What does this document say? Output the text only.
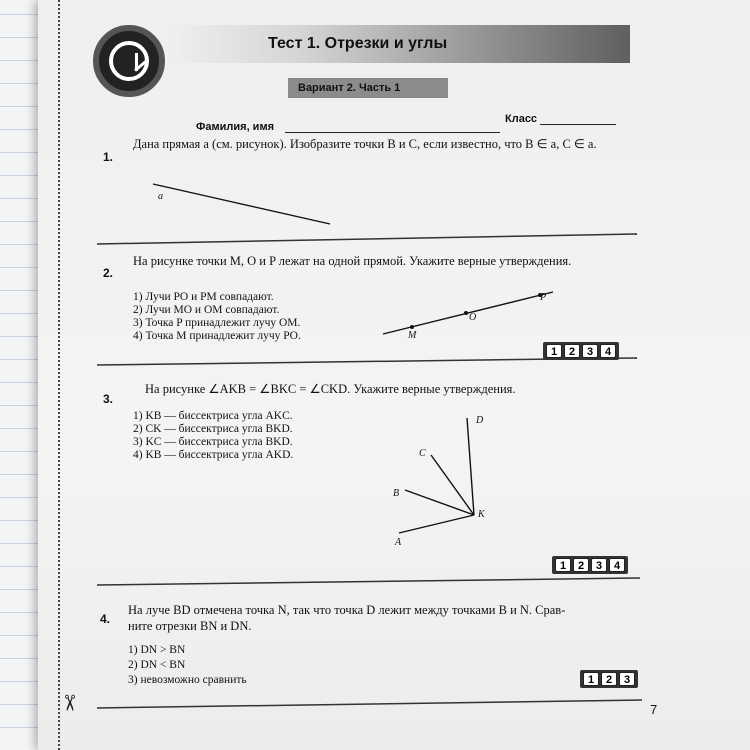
Тест 1. Отрезки и углы
Вариант 2. Часть 1
Фамилия, имя
Класс
1.
Дана прямая a (см. рисунок). Изобразите точки B и C, если известно, что B ∈ a, C ∈ a.
a
2.
На рисунке точки M, O и P лежат на одной прямой. Укажите верные утверждения.
1) Лучи PO и PM совпадают.
2) Лучи MO и OM совпадают.
3) Точка P принадлежит лучу OM.
4) Точка M принадлежит лучу PO.	M
O
P
1	2	3	4
3.
На рисунке ∠AKB = ∠BKC = ∠CKD. Укажите верные утверждения.
1) KB — биссектриса угла AKC.
2) CK — биссектриса угла BKD.
3) KC — биссектриса угла BKD.
4) KB — биссектриса угла AKD.
D
C
B
K
A
1	2	3	4
4.
На луче BD отмечена точка N, так что точка D лежит между точками B и N. Срав-
ните отрезки BN и DN.
1) DN > BN
2) DN < BN
3) невозможно сравнить	1	2	3
✂	7
